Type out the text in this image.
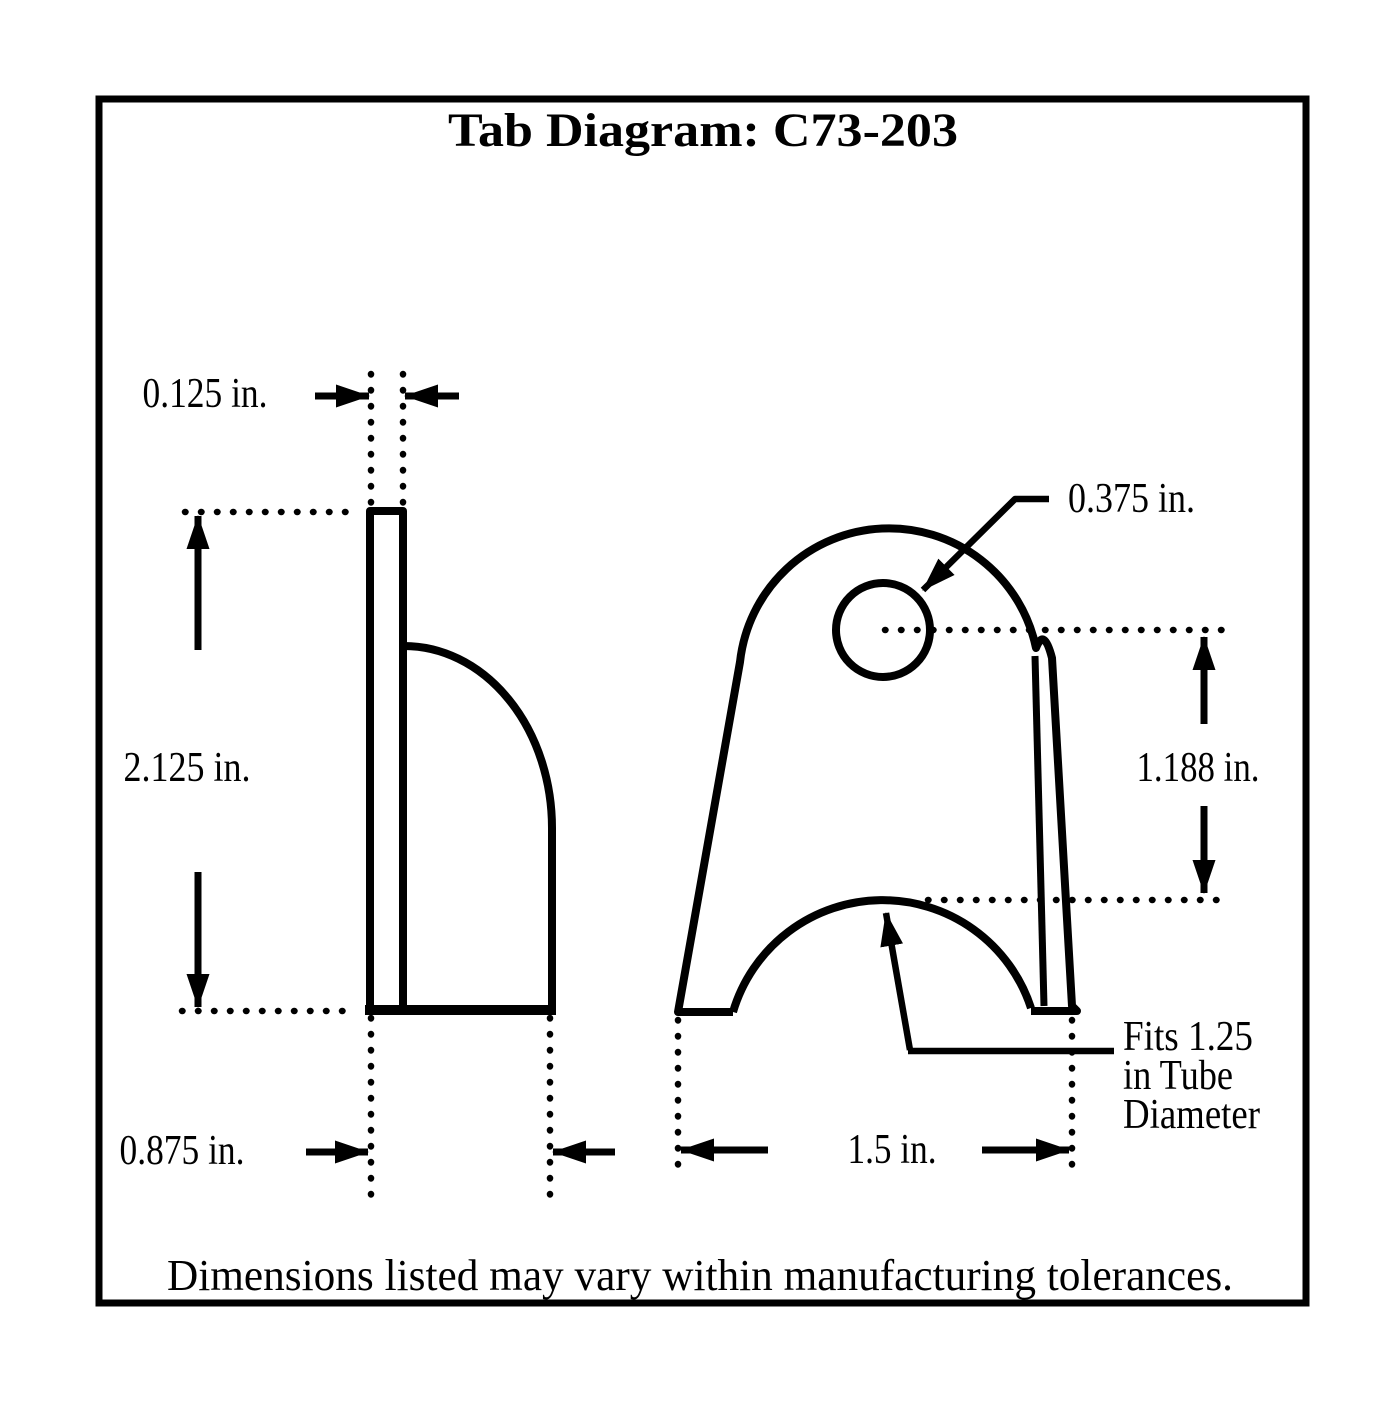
Tab Diagram: C73-203
0.125 in.
2.125 in.
0.875 in.
0.375 in.
1.188 in.
1.5 in.
Fits 1.25
in Tube
Diameter
Dimensions listed may vary within manufacturing tolerances.
